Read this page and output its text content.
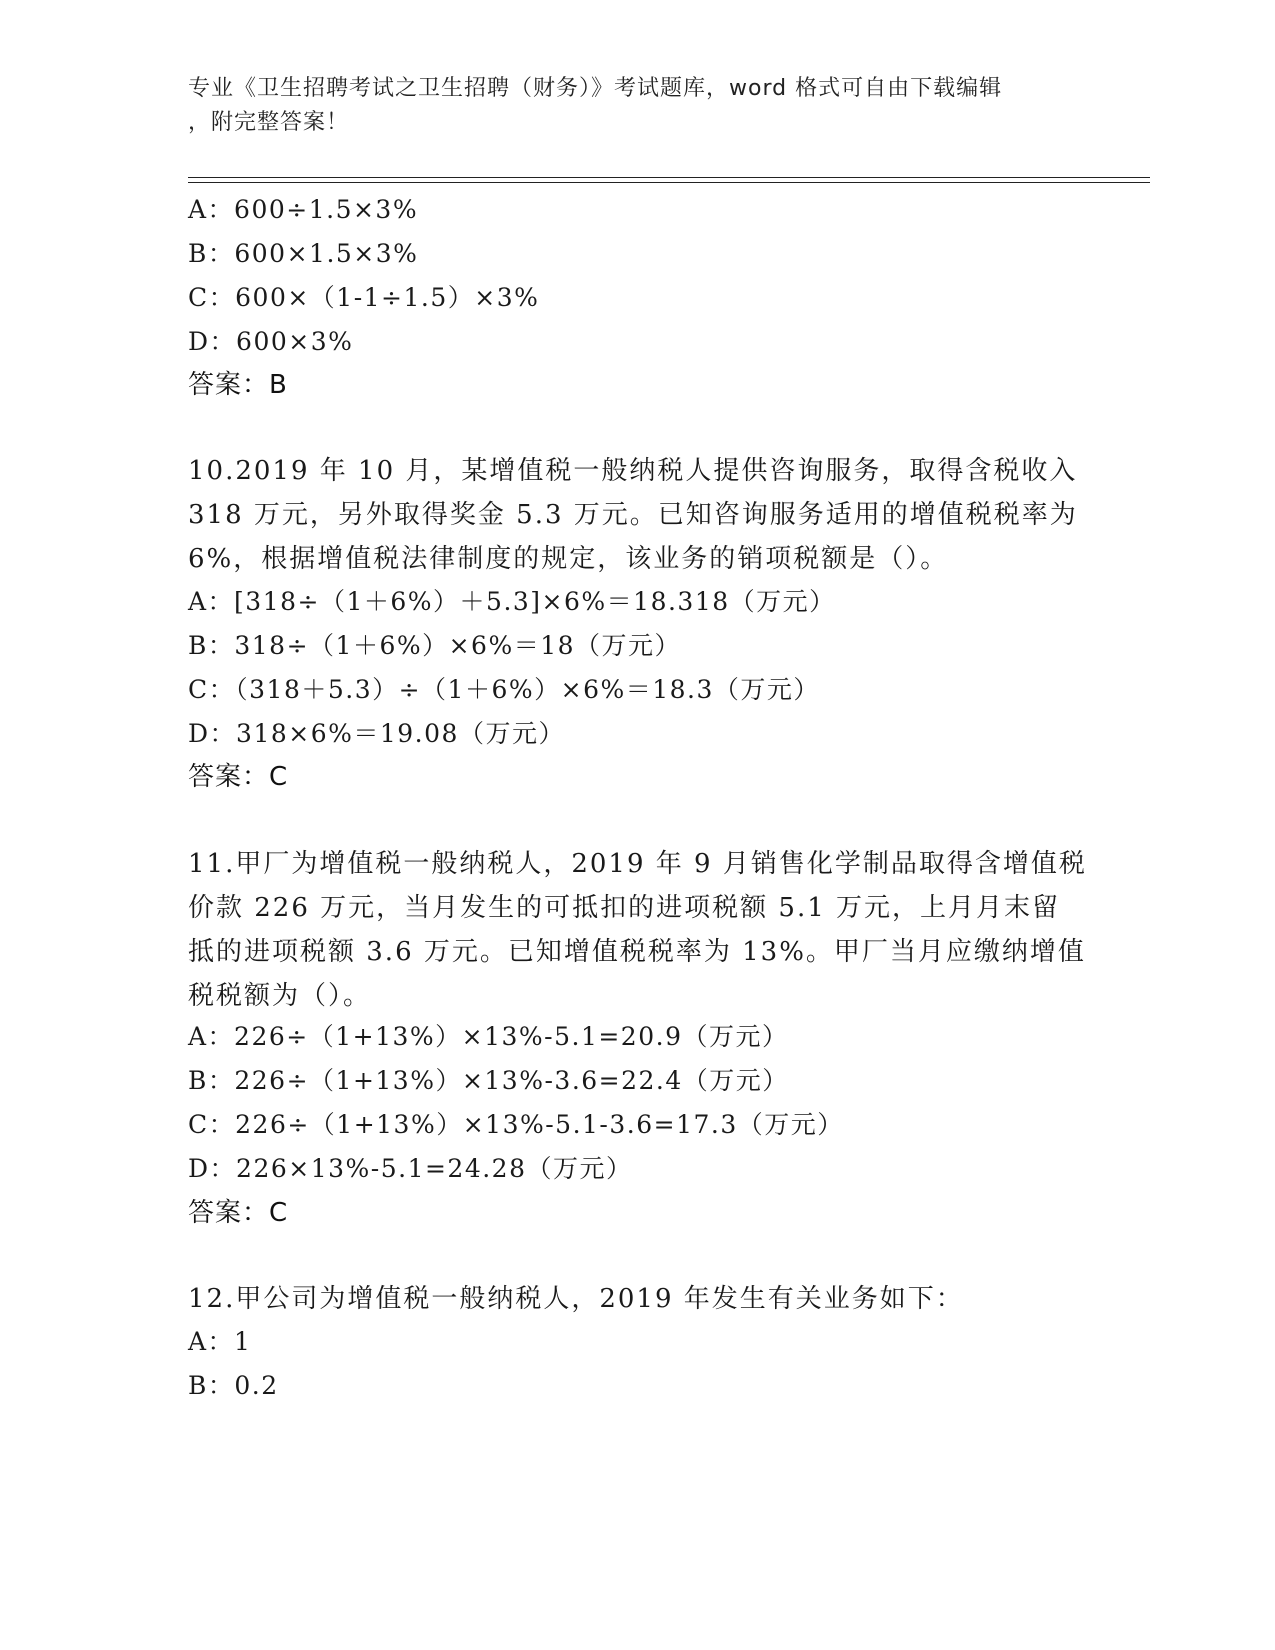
专业《卫生招聘考试之卫生招聘（财务）》考试题库，word 格式可自由下载编辑
，附完整答案！
A：600÷1.5×3%
B：600×1.5×3%
C：600×（1-1÷1.5）×3%
D：600×3%
答案：B
10.2019 年 10 月，某增值税一般纳税人提供咨询服务，取得含税收入
318 万元，另外取得奖金 5.3 万元。已知咨询服务适用的增值税税率为
6%，根据增值税法律制度的规定，该业务的销项税额是（）。
A：[318÷（1＋6%）＋5.3]×6%＝18.318（万元）
B：318÷（1＋6%）×6%＝18（万元）
C：（318＋5.3）÷（1＋6%）×6%＝18.3（万元）
D：318×6%＝19.08（万元）
答案：C
11.甲厂为增值税一般纳税人，2019 年 9 月销售化学制品取得含增值税
价款 226 万元，当月发生的可抵扣的进项税额 5.1 万元，上月月末留
抵的进项税额 3.6 万元。已知增值税税率为 13%。甲厂当月应缴纳增值
税税额为（）。
A：226÷（1+13%）×13%-5.1=20.9（万元）
B：226÷（1+13%）×13%-3.6=22.4（万元）
C：226÷（1+13%）×13%-5.1-3.6=17.3（万元）
D：226×13%-5.1=24.28（万元）
答案：C
12.甲公司为增值税一般纳税人，2019 年发生有关业务如下：
A：1
B：0.2
